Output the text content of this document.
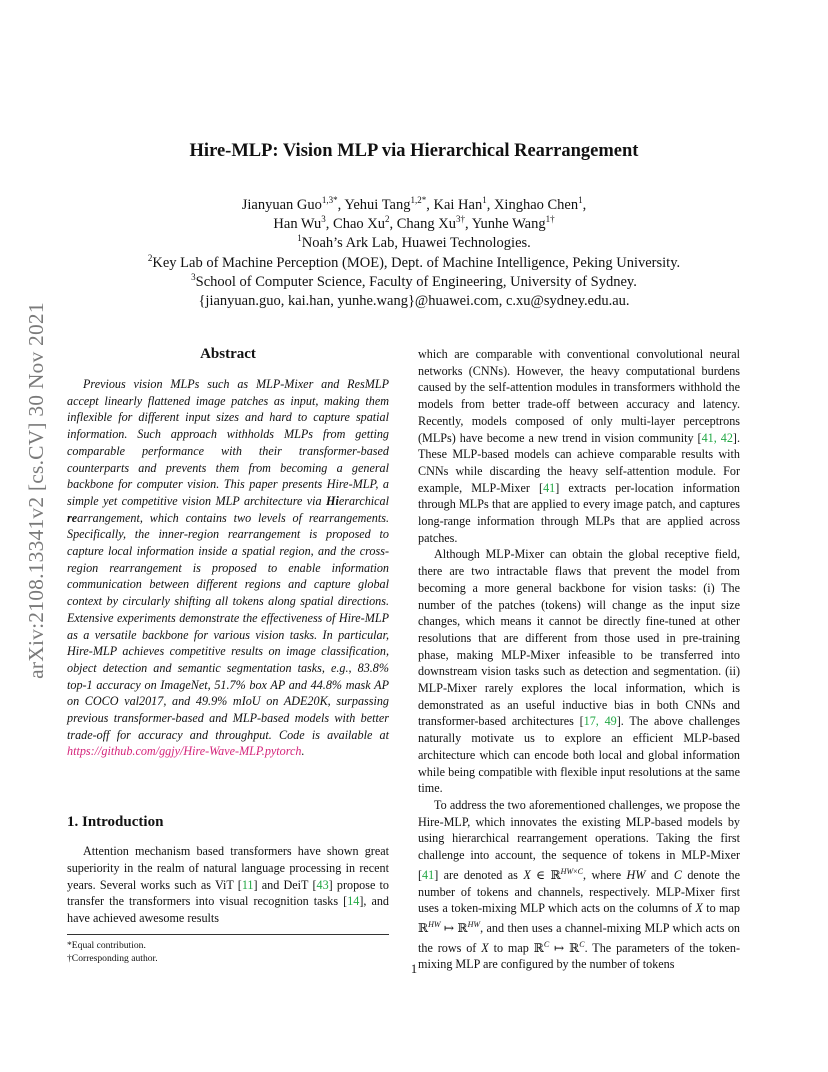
arXiv:2108.13341v2 [cs.CV] 30 Nov 2021
Hire-MLP: Vision MLP via Hierarchical Rearrangement
Jianyuan Guo$^{1,3*}$, Yehui Tang$^{1,2*}$, Kai Han$^1$, Xinghao Chen$^1$,
Han Wu$^3$, Chao Xu$^2$, Chang $Xu^{3\dagger}$, Yunhe Wang$^{1\dagger}$
$^1$Noah’s Ark Lab, Huawei Technologies.
$^2$Key Lab of Machine Perception (MOE), Dept. of Machine Intelligence, Peking University.
$^3$School of Computer Science, Faculty of Engineering, University of Sydney.
{jianyuan.guo, kai.han, yunhe.wang}@huawei.com, c.xu@sydney.edu.au.
Abstract

Previous vision MLPs such as MLP-Mixer and ResMLP accept linearly flattened image patches as input, making them inflexible for different input sizes and hard to capture spatial information. Such approach withholds MLPs from getting comparable performance with their transformer-based counterparts and prevents them from becoming a general backbone for computer vision. This paper presents Hire-MLP, a simple yet competitive vision MLP architecture via Hierarchical rearrangement, which contains two levels of rearrangements. Specifically, the inner-region rearrangement is proposed to capture local information inside a spatial region, and the cross-region rearrangement is proposed to enable information communication between different regions and capture global context by circularly shifting all tokens along spatial directions. Extensive experiments demonstrate the effectiveness of Hire-MLP as a versatile backbone for various vision tasks. In particular, Hire-MLP achieves competitive results on image classification, object detection and semantic segmentation tasks, e.g., 83.8% top-1 accuracy on ImageNet, 51.7% box AP and 44.8% mask AP on COCO val2017, and 49.9% mIoU on ADE20K, surpassing previous transformer-based and MLP-based models with better trade-off for accuracy and throughput. Code is available at https://github.com/ggjy/Hire-Wave-MLP.pytorch.

1. Introduction

Attention mechanism based transformers have shown great superiority in the realm of natural language processing in recent years. Several works such as ViT [11] and DeiT [43] propose to transfer the transformers into visual recognition tasks [14], and have achieved awesome results

which are comparable with conventional convolutional neural networks (CNNs). However, the heavy computational burdens caused by the self-attention modules in transformers withhold the models from better trade-off between accuracy and latency. Recently, models composed of only multi-layer perceptrons (MLPs) have become a new trend in vision community [41, 42]. These MLP-based models can achieve comparable results with CNNs while discarding the heavy self-attention module. For example, MLP-Mixer [41] extracts per-location information through MLPs that are applied to every image patch, and captures long-range information through MLPs that are applied across patches.

Although MLP-Mixer can obtain the global receptive field, there are two intractable flaws that prevent the model from becoming a more general backbone for vision tasks: (i) The number of the patches (tokens) will change as the input size changes, which means it cannot be directly fine-tuned at other resolutions that are different from those used in pre-training phase, making MLP-Mixer infeasible to be transferred into downstream vision tasks such as detection and segmentation. (ii) MLP-Mixer rarely explores the local information, which is demonstrated as an useful inductive bias in both CNNs and transformer-based architectures [17, 49]. The above challenges naturally motivate us to explore an efficient MLP-based architecture which can encode both local and global information while being compatible with flexible input resolutions at the same time.

To address the two aforementioned challenges, we propose the Hire-MLP, which innovates the existing MLP-based models by using hierarchical rearrangement operations. Taking the first challenge into account, the sequence of tokens in MLP-Mixer [41] are denoted as X ∈ ℝ$^{HW\times C}$, where HW and C denote the number of tokens and channels, respectively. MLP-Mixer first uses a token-mixing MLP which acts on the columns of X to map ℝ$^{HW}$ ↦ ℝ$^{HW}$, and then uses a channel-mixing MLP which acts on the rows of X to map ℝ$^C$ ↦ ℝ$^C$. The parameters of the token-mixing MLP are configured by the number of tokens

*Equal contribution.
†Corresponding author.
1
